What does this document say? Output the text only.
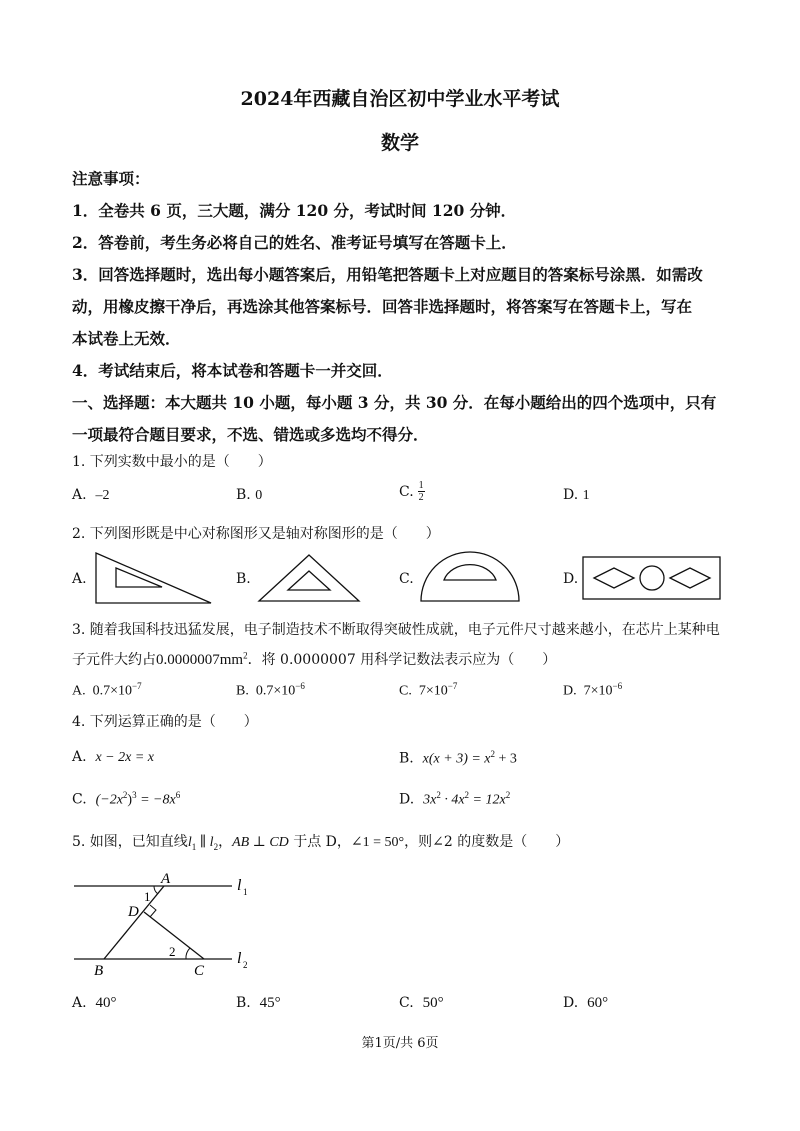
2024年西藏自治区初中学业水平考试
数学
注意事项：
1．全卷共 6 页，三大题，满分 120 分，考试时间 120 分钟．
2．答卷前，考生务必将自己的姓名、准考证号填写在答题卡上．
3．回答选择题时，选出每小题答案后，用铅笔把答题卡上对应题目的答案标号涂黑．如需改
动，用橡皮擦干净后，再选涂其他答案标号．回答非选择题时，将答案写在答题卡上，写在
本试卷上无效．
4．考试结束后，将本试卷和答题卡一并交回．
一、选择题：本大题共 10 小题，每小题 3 分，共 30 分．在每小题给出的四个选项中，只有
一项最符合题目要求，不选、错选或多选均不得分．
1. 下列实数中最小的是（　　）
A. –2	B. 0	C. $\frac{1}{2}$	D. 1
2. 下列图形既是中心对称图形又是轴对称图形的是（　　）
A.	B.	C.	D.
3. 随着我国科技迅猛发展，电子制造技术不断取得突破性成就，电子元件尺寸越来越小，在芯片上某种电
子元件大约占$0.0000007mm^2$．将 0.0000007 用科学记数法表示应为（　　）
A. $0.7\times 10^{-7}$	B. $0.7\times 10^{-6}$	C. $7\times 10^{-7}$	D. $7\times 10^{-6}$
4. 下列运算正确的是（　　）
A. x − 2x = x	B. $x(x + 3) = x^2 + 3$
C. $(-2x^2)^3 = -8x^6$	D. $3x^2 \cdot 4x^2 = 12x^2$
5. 如图，已知直线$l_1$ ∥ $l_2$，AB ⊥ CD 于点 D，∠1 = 50°，则∠2 的度数是（　　）
A
1
D
2
B	C
l 1
l 2
A. 40°	B. 45°	C. 50°	D. 60°
第1页/共 6页
